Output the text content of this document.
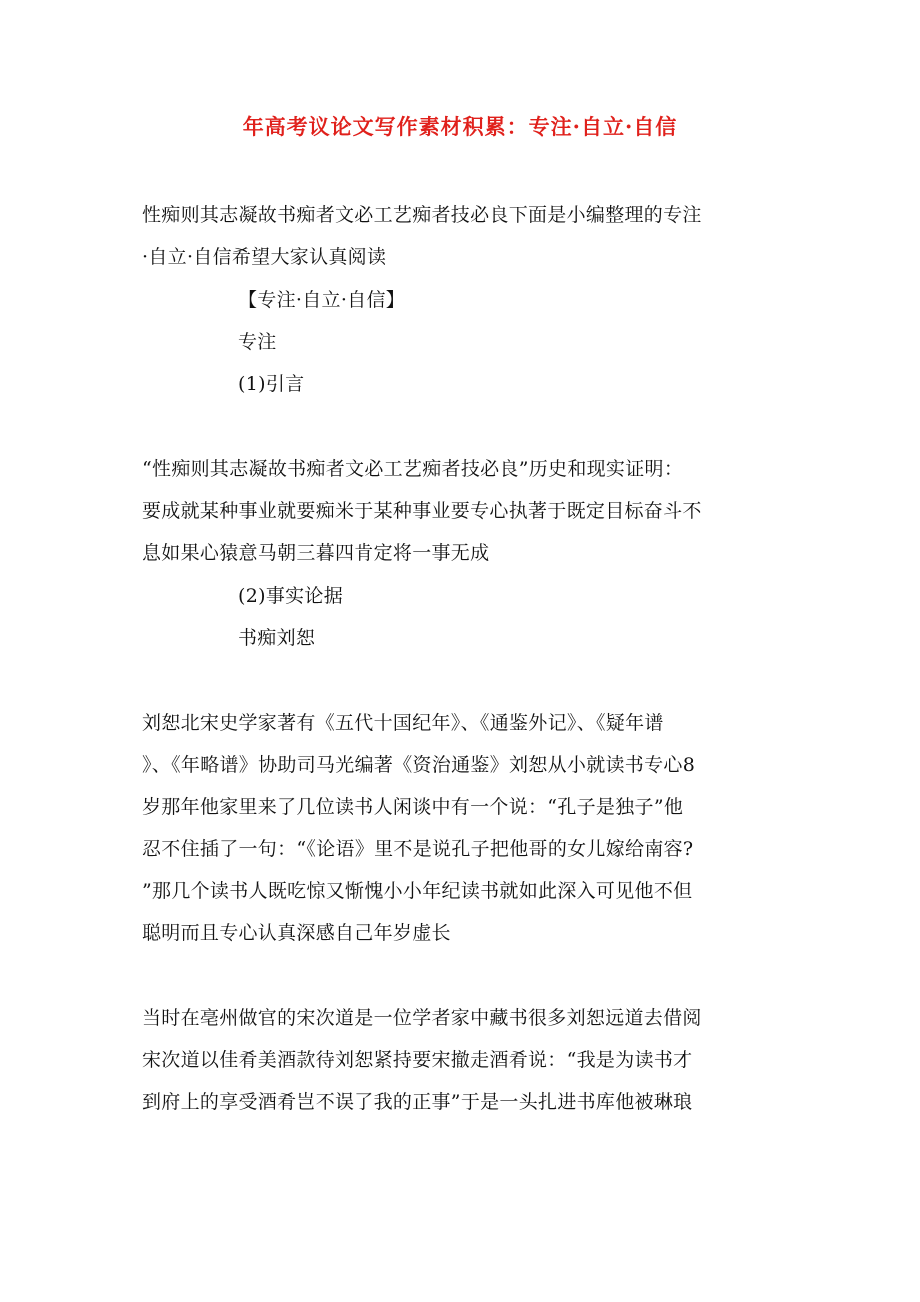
年高考议论文写作素材积累：专注·自立·自信
性痴则其志凝故书痴者文必工艺痴者技必良下面是小编整理的专注
·自立·自信希望大家认真阅读
【专注·自立·自信】
专注
(1)引言
“性痴则其志凝故书痴者文必工艺痴者技必良”历史和现实证明：
要成就某种事业就要痴米于某种事业要专心执著于既定目标奋斗不
息如果心猿意马朝三暮四肯定将一事无成
(2)事实论据
书痴刘恕
刘恕北宋史学家著有《五代十国纪年》、《通鉴外记》、《疑年谱
》、《年略谱》协助司马光编著《资治通鉴》刘恕从小就读书专心8
岁那年他家里来了几位读书人闲谈中有一个说：“孔子是独子”他
忍不住插了一句：“《论语》里不是说孔子把他哥的女儿嫁给南容?
”那几个读书人既吃惊又惭愧小小年纪读书就如此深入可见他不但
聪明而且专心认真深感自己年岁虚长
当时在亳州做官的宋次道是一位学者家中藏书很多刘恕远道去借阅
宋次道以佳肴美酒款待刘恕紧持要宋撤走酒肴说：“我是为读书才
到府上的享受酒肴岂不误了我的正事”于是一头扎进书库他被琳琅
